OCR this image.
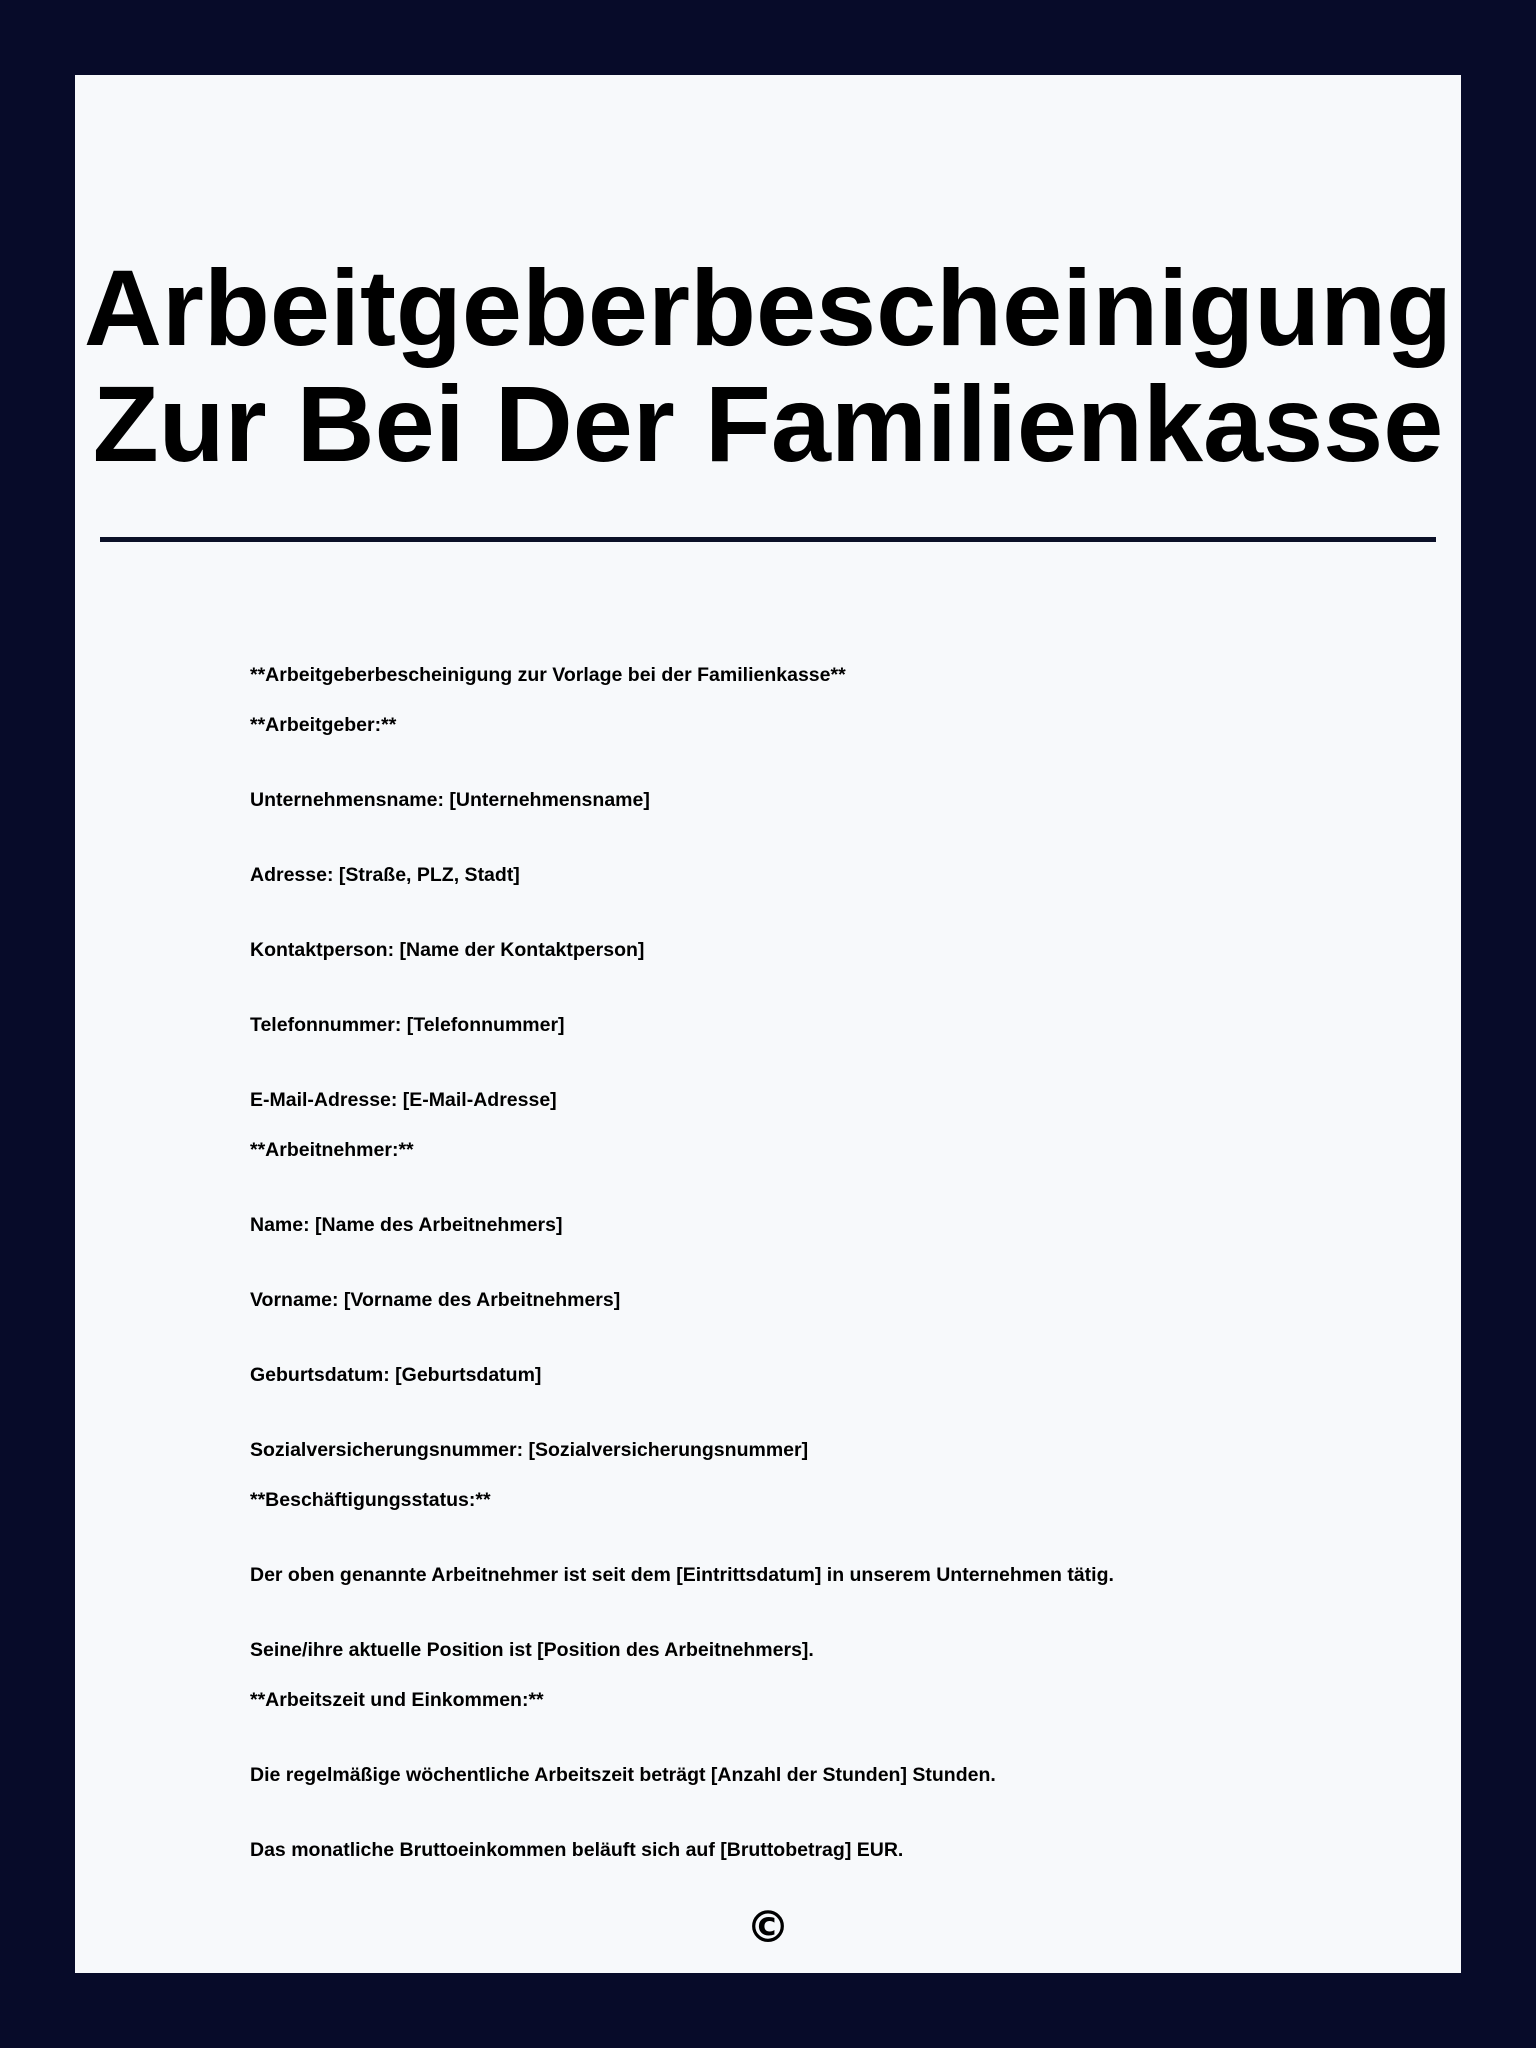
Arbeitgeberbescheinigung
Zur Bei Der Familienkasse

**Arbeitgeberbescheinigung zur Vorlage bei der Familienkasse**

**Arbeitgeber:**

Unternehmensname: [Unternehmensname]

Adresse: [Straße, PLZ, Stadt]

Kontaktperson: [Name der Kontaktperson]

Telefonnummer: [Telefonnummer]

E-Mail-Adresse: [E-Mail-Adresse]

**Arbeitnehmer:**

Name: [Name des Arbeitnehmers]

Vorname: [Vorname des Arbeitnehmers]

Geburtsdatum: [Geburtsdatum]

Sozialversicherungsnummer: [Sozialversicherungsnummer]

**Beschäftigungsstatus:**

Der oben genannte Arbeitnehmer ist seit dem [Eintrittsdatum] in unserem Unternehmen tätig.

Seine/ihre aktuelle Position ist [Position des Arbeitnehmers].

**Arbeitszeit und Einkommen:**

Die regelmäßige wöchentliche Arbeitszeit beträgt [Anzahl der Stunden] Stunden.

Das monatliche Bruttoeinkommen beläuft sich auf [Bruttobetrag] EUR.

©
